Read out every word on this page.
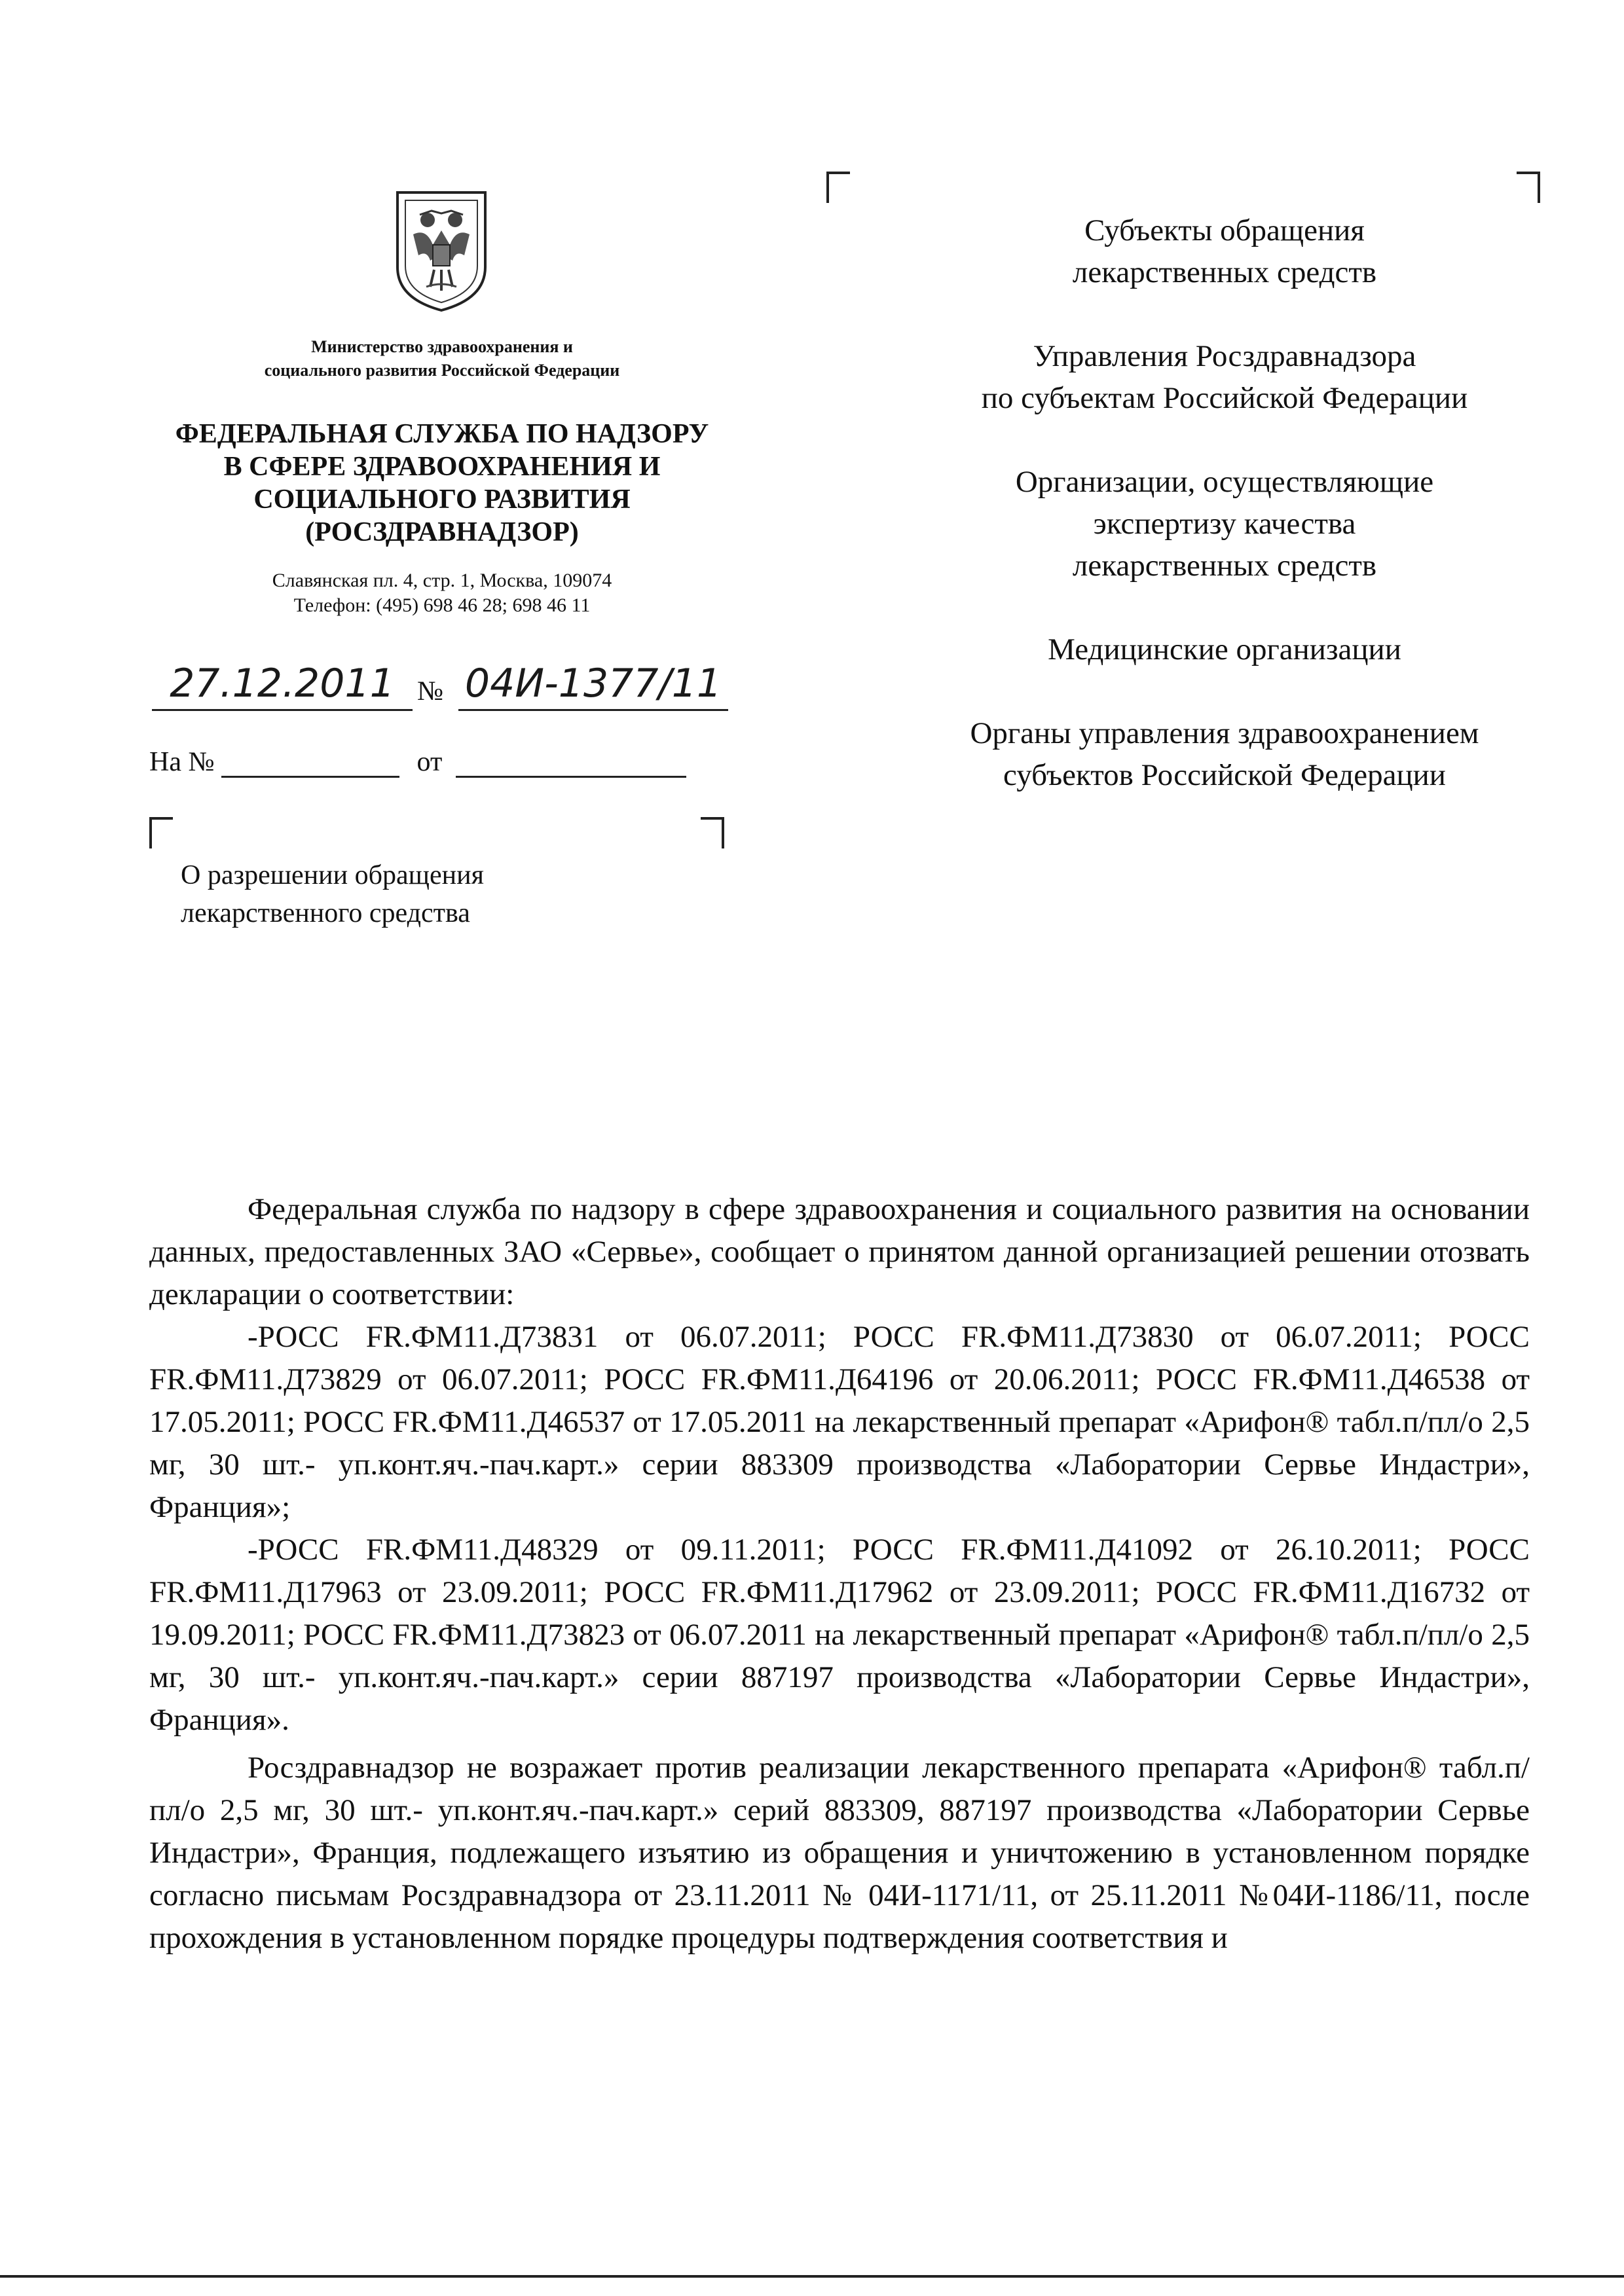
Министерство здравоохранения и
социального развития Российской Федерации
ФЕДЕРАЛЬНАЯ СЛУЖБА ПО НАДЗОРУ
В СФЕРЕ ЗДРАВООХРАНЕНИЯ И
СОЦИАЛЬНОГО РАЗВИТИЯ
(РОСЗДРАВНАДЗОР)
Славянская пл. 4, стр. 1, Москва, 109074
Телефон: (495) 698 46 28; 698 46 11
27.12.2011 № 04И-1377/11
На №	от
О разрешении обращения
лекарственного средства
Субъекты обращения
лекарственных средств
Управления Росздравнадзора
по субъектам Российской Федерации
Организации, осуществляющие
экспертизу качества
лекарственных средств
Медицинские организации
Органы управления здравоохранением
субъектов Российской Федерации

Федеральная служба по надзору в сфере здравоохранения и социального развития на основании данных, предоставленных ЗАО «Сервье», сообщает о принятом данной организацией решении отозвать декларации о соответствии:

-РОСС FR.ФМ11.Д73831 от 06.07.2011; РОСС FR.ФМ11.Д73830 от 06.07.2011; РОСС FR.ФМ11.Д73829 от 06.07.2011; РОСС FR.ФМ11.Д64196 от 20.06.2011; РОСС FR.ФМ11.Д46538 от 17.05.2011; РОСС FR.ФМ11.Д46537 от 17.05.2011 на лекарственный препарат «Арифон® табл.п/пл/о 2,5 мг, 30 шт.- уп.конт.яч.-пач.карт.» серии 883309 производства «Лаборатории Сервье Индастри», Франция»;

-РОСС FR.ФМ11.Д48329 от 09.11.2011; РОСС FR.ФМ11.Д41092 от 26.10.2011; РОСС FR.ФМ11.Д17963 от 23.09.2011; РОСС FR.ФМ11.Д17962 от 23.09.2011; РОСС FR.ФМ11.Д16732 от 19.09.2011; РОСС FR.ФМ11.Д73823 от 06.07.2011 на лекарственный препарат «Арифон® табл.п/пл/о 2,5 мг, 30 шт.- уп.конт.яч.-пач.карт.» серии 887197 производства «Лаборатории Сервье Индастри», Франция».

Росздравнадзор не возражает против реализации лекарственного препарата «Арифон® табл.п/пл/о 2,5 мг, 30 шт.- уп.конт.яч.-пач.карт.» серий 883309, 887197 производства «Лаборатории Сервье Индастри», Франция, подлежащего изъятию из обращения и уничтожению в установленном порядке согласно письмам Росздравнадзора от 23.11.2011 № 04И-1171/11, от 25.11.2011 №04И-1186/11, после прохождения в установленном порядке процедуры подтверждения соответствия и
